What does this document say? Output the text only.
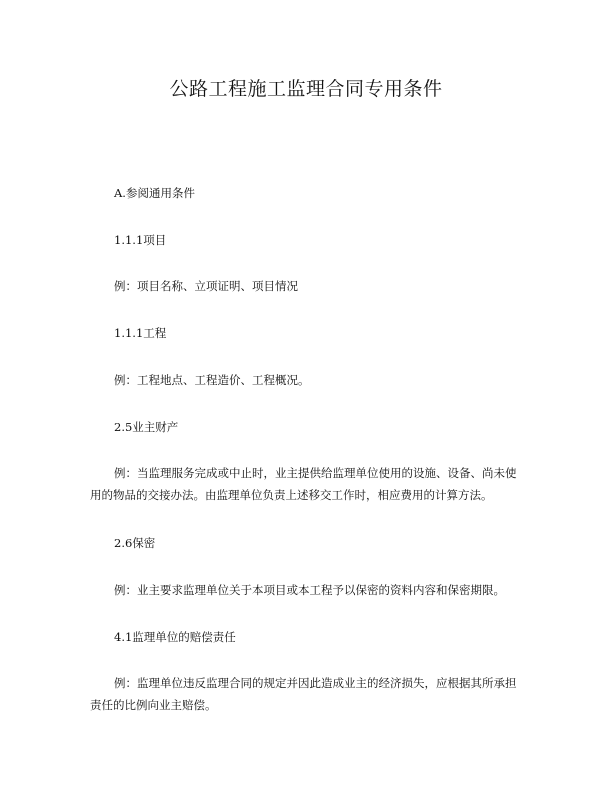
公路工程施工监理合同专用条件

A.参阅通用条件

1.1.1项目

例：项目名称、立项证明、项目情况

1.1.1工程

例：工程地点、工程造价、工程概况。

2.5业主财产

例：当监理服务完成或中止时，业主提供给监理单位使用的设施、设备、尚未使用的物品的交接办法。由监理单位负责上述移交工作时，相应费用的计算方法。

2.6保密

例：业主要求监理单位关于本项目或本工程予以保密的资料内容和保密期限。

4.1监理单位的赔偿责任

例：监理单位违反监理合同的规定并因此造成业主的经济损失，应根据其所承担责任的比例向业主赔偿。
